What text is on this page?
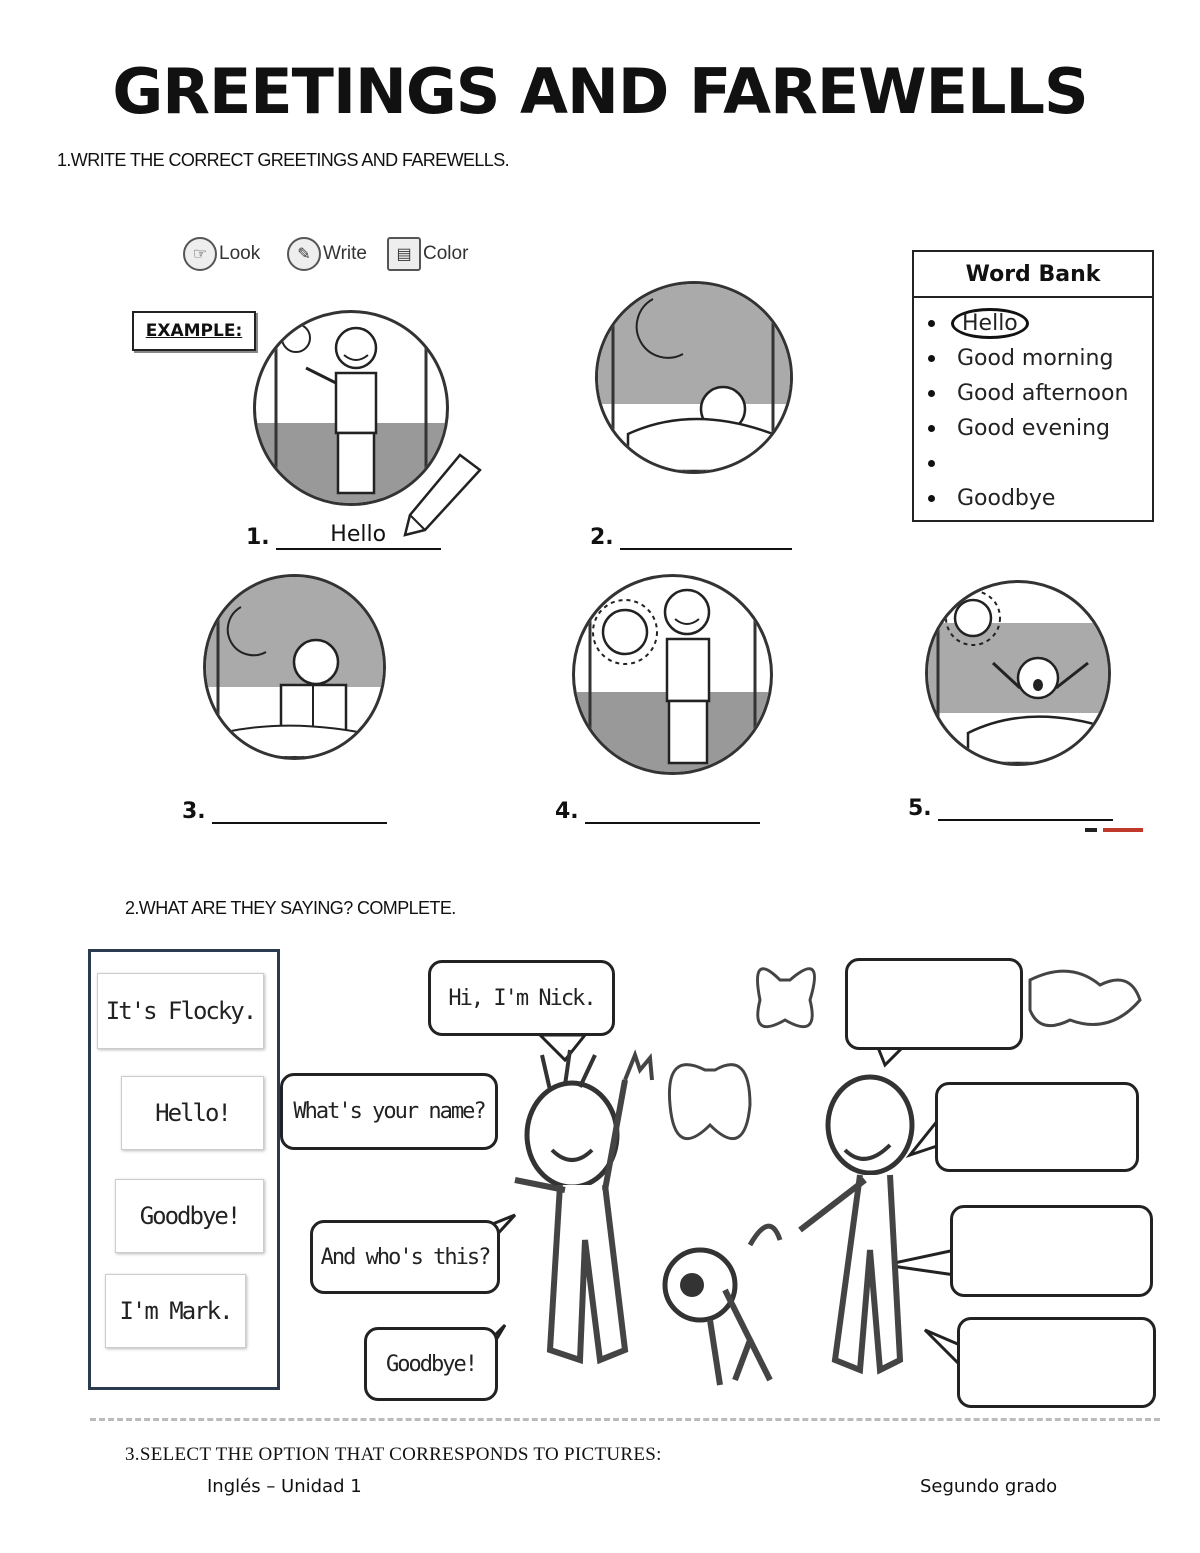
GREETINGS AND FAREWELLS
1.WRITE THE CORRECT GREETINGS AND FAREWELLS.
☞ Look	✎ Write	▤ Color
EXAMPLE:
1.	Hello	2.
Word Bank
Hello
Good morning
Good afternoon
Good evening
Goodbye
3.	4.	5.
2.WHAT ARE THEY SAYING? COMPLETE.
It's Flocky.
Hello!
Goodbye!
I'm Mark.
Hi, I'm Nick.
What's your name?
And who's this?
Goodbye!
3.SELECT THE OPTION THAT CORRESPONDS TO PICTURES:
Inglés – Unidad 1	Segundo grado
